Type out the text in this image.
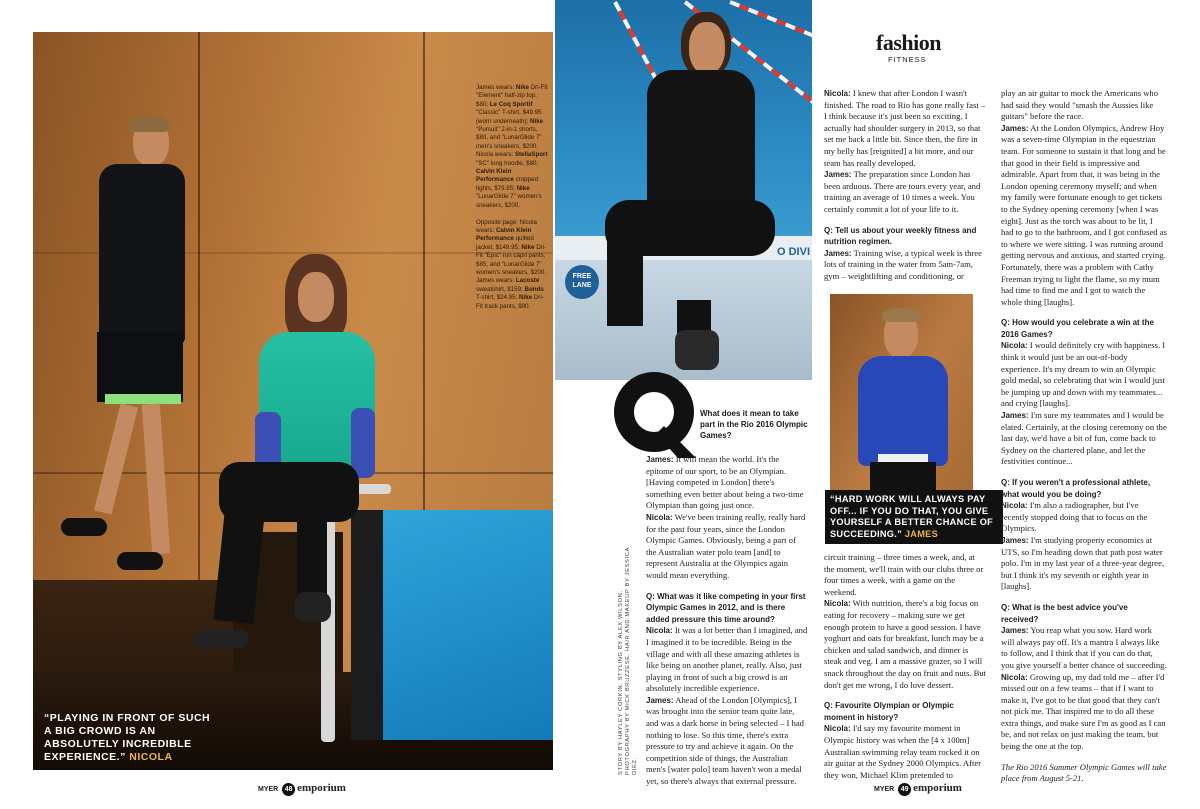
James wears: Nike Dri-Fit "Element" half-zip top, $80; Le Coq Sportif "Classic" T-shirt, $49.95 (worn underneath); Nike "Pursuit" 2-in-1 shorts, $80, and "LunarGlide 7" men's sneakers, $200. Nicola wears: StellaSport "SC" long hoodie, $80; Calvin Klein Performance cropped tights, $79.95; Nike "LunarGlide 7" women's sneakers, $200.

Opposite page: Nicola wears: Calvin Klein Performance quilted jacket, $149.95; Nike Dri-Fit "Epic" run capri pants, $85, and "LunarGlide 7" women's sneakers, $200. James wears: Lacoste sweatshirt, $159; Bonds T-shirt, $24.95; Nike Dri-Fit track pants, $90.
“PLAYING IN FRONT OF SUCH A BIG CROWD IS AN ABSOLUTELY INCREDIBLE EXPERIENCE.” NICOLA
MYER 48 emporium
FREE LANE
O DIVI
fashion
FITNESS
What does it mean to take part in the Rio 2016 Olympic Games?

James: It will mean the world. It's the epitome of our sport, to be an Olympian. [Having competed in London] there's something even better about being a two-time Olympian than going just once.

Nicola: We've been training really, really hard for the past four years, since the London Olympic Games. Obviously, being a part of the Australian water polo team [and] to represent Australia at the Olympics again would mean everything.

Q: What was it like competing in your first Olympic Games in 2012, and is there added pressure this time around?

Nicola: It was a lot better than I imagined, and I imagined it to be incredible. Being in the village and with all these amazing athletes is like being on another planet, really. Also, just playing in front of such a big crowd is an absolutely incredible experience.

James: Ahead of the London [Olympics], I was brought into the senior team quite late, and was a dark horse in being selected – I had nothing to lose. So this time, there's extra pressure to try and achieve it again. On the competition side of things, the Australian men's [water polo] team haven't won a medal yet, so there's always that external pressure.

STORY BY HAYLEY CORKIN. STYLING BY ALEX WILSON. PHOTOGRAPHY BY MICK BRUZZESE. HAIR AND MAKEUP BY JESSICA DIEZ.

Nicola: I knew that after London I wasn't finished. The road to Rio has gone really fast – I think because it's just been so exciting. I actually had shoulder surgery in 2013, so that set me back a little bit. Since then, the fire in my belly has [reignited] a bit more, and our team has really developed.

James: The preparation since London has been arduous. There are tours every year, and training an average of 10 times a week. You certainly commit a lot of your life to it.

Q: Tell us about your weekly fitness and nutrition regimen.

James: Training wise, a typical week is three lots of training in the water from 5am-7am, gym – weightlifting and conditioning, or

“HARD WORK WILL ALWAYS PAY OFF... IF YOU DO THAT, YOU GIVE YOURSELF A BETTER CHANCE OF SUCCEEDING.” JAMES

circuit training – three times a week, and, at the moment, we'll train with our clubs three or four times a week, with a game on the weekend.

Nicola: With nutrition, there's a big focus on eating for recovery – making sure we get enough protein to have a good session. I have yoghurt and oats for breakfast, lunch may be a chicken and salad sandwich, and dinner is steak and veg. I am a massive grazer, so I will snack throughout the day on fruit and nuts. But don't get me wrong, I do love dessert.

Q: Favourite Olympian or Olympic moment in history?

Nicola: I'd say my favourite moment in Olympic history was when the [4 x 100m] Australian swimming relay team rocked it on air guitar at the Sydney 2000 Olympics. After they won, Michael Klim pretended to

play an air guitar to mock the Americans who had said they would "smash the Aussies like guitars" before the race.

James: At the London Olympics, Andrew Hoy was a seven-time Olympian in the equestrian team. For someone to sustain it that long and be that good in their field is impressive and admirable. Apart from that, it was being in the London opening ceremony myself; and when my family were fortunate enough to get tickets to the Sydney opening ceremony [when I was eight]. Just as the torch was about to be lit, I had to go to the bathroom, and I got confused as to where we were sitting. I was running around getting nervous and anxious, and started crying. Fortunately, there was a problem with Cathy Freeman trying to light the flame, so my mum had time to find me and I got to watch the whole thing [laughs].

Q: How would you celebrate a win at the 2016 Games?

Nicola: I would definitely cry with happiness. I think it would just be an out-of-body experience. It's my dream to win an Olympic gold medal, so celebrating that win I would just be jumping up and down with my teammates... and crying [laughs].

James: I'm sure my teammates and I would be elated. Certainly, at the closing ceremony on the last day, we'd have a bit of fun, come back to Sydney on the chartered plane, and let the festivities continue...

Q: If you weren't a professional athlete, what would you be doing?

Nicola: I'm also a radiographer, but I've recently stopped doing that to focus on the Olympics.

James: I'm studying property economics at UTS, so I'm heading down that path post water polo. I'm in my last year of a three-year degree, but I think it's my seventh or eighth year in [laughs].

Q: What is the best advice you've received?

James: You reap what you sow. Hard work will always pay off. It's a mantra I always like to follow, and I think that if you can do that, you give yourself a better chance of succeeding.

Nicola: Growing up, my dad told me – after I'd missed out on a few teams – that if I want to make it, I've got to be that good that they can't not pick me. That inspired me to do all these extra things, and make sure I'm as good as I can be, and not relax on just making the team, but being the one at the top.

The Rio 2016 Summer Olympic Games will take place from August 5-21.

MYER 49 emporium
